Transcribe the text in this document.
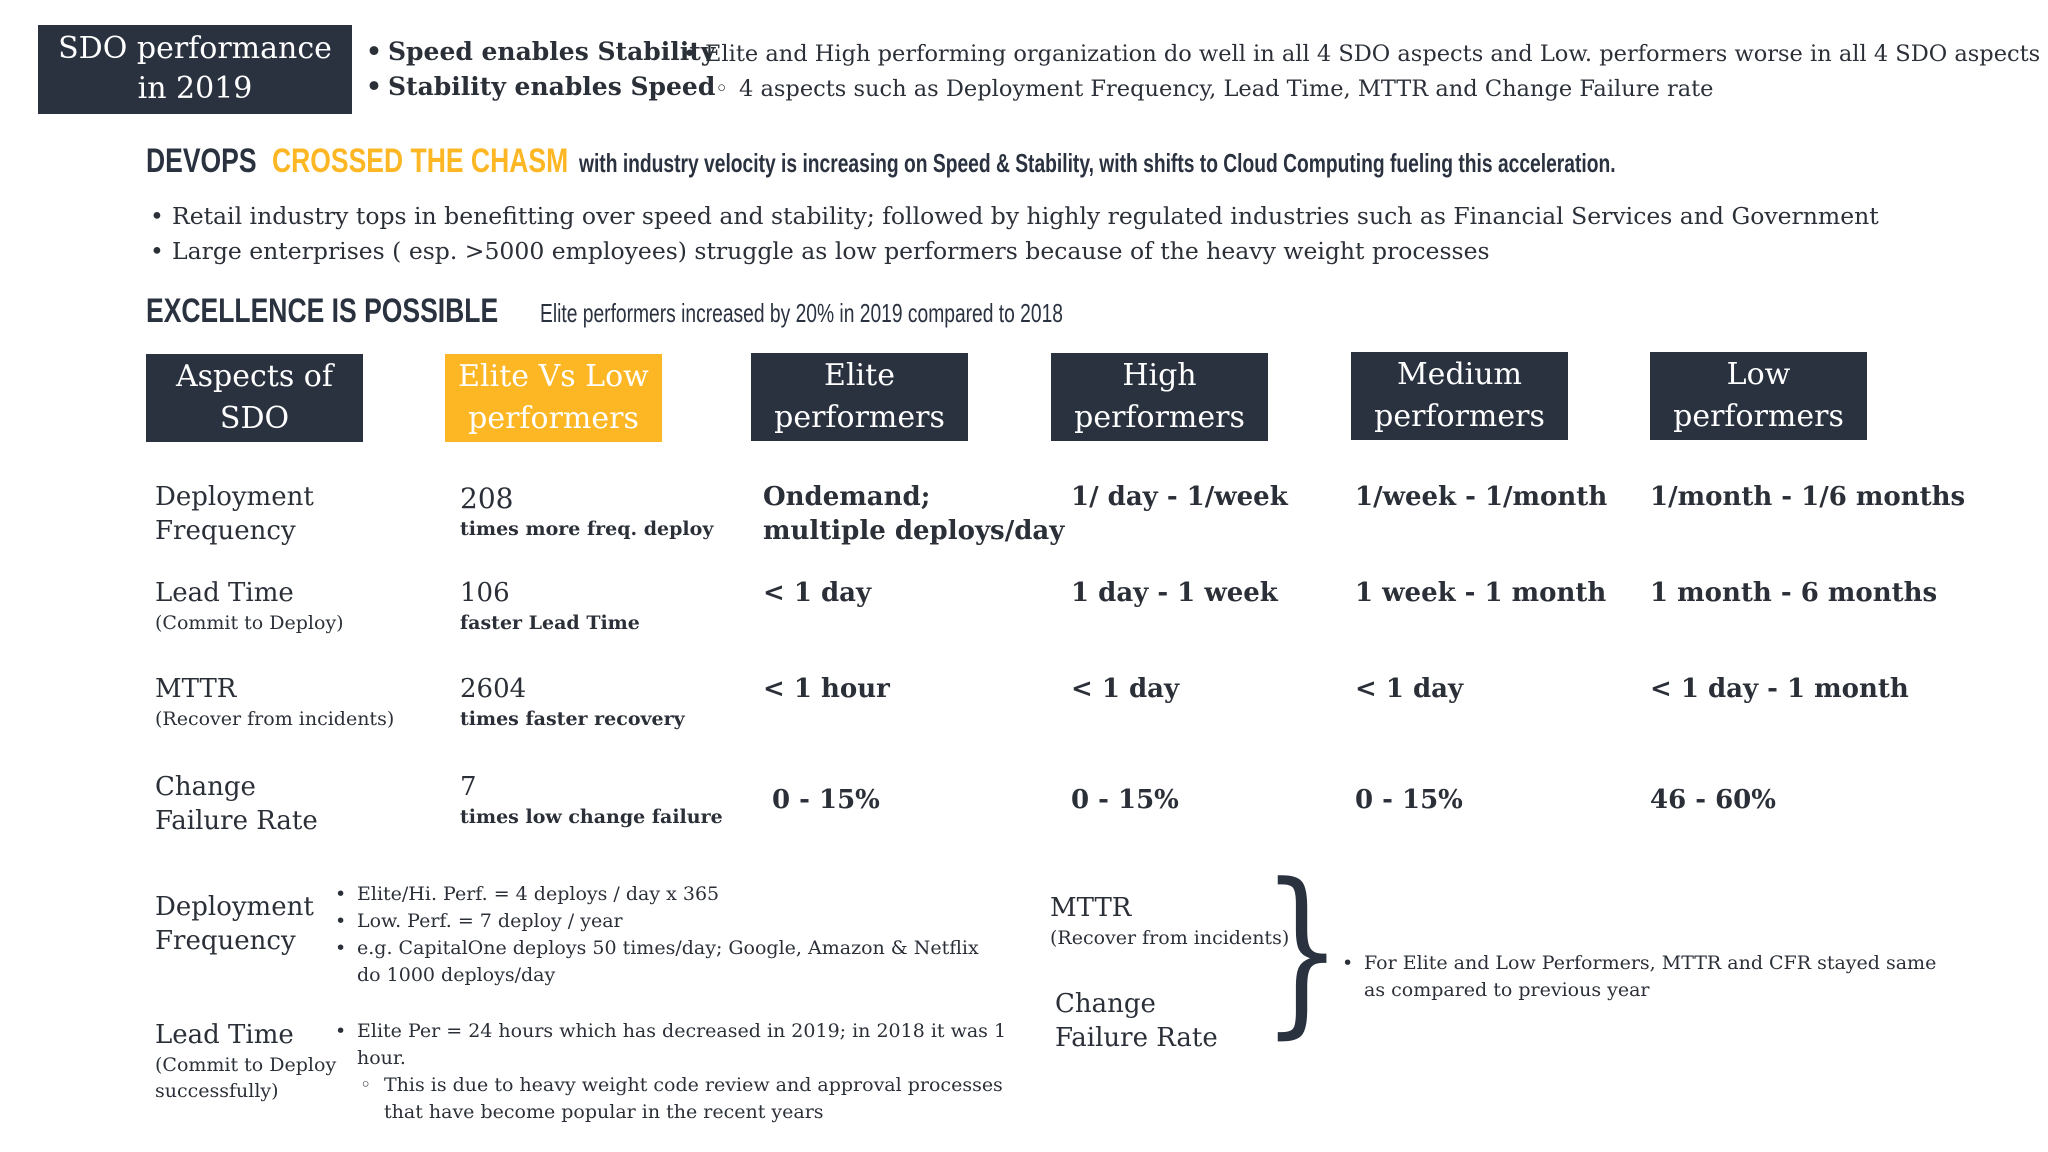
SDO performance
in 2019
• Speed enables Stability
• Stability enables Speed
• Elite and High performing organization do well in all 4 SDO aspects and Low. performers worse in all 4 SDO aspects
◦ 4 aspects such as Deployment Frequency, Lead Time, MTTR and Change Failure rate
DEVOPS CROSSED THE CHASM with industry velocity is increasing on Speed & Stability, with shifts to Cloud Computing fueling this acceleration.
• Retail industry tops in benefitting over speed and stability; followed by highly regulated industries such as Financial Services and Government
• Large enterprises ( esp. >5000 employees) struggle as low performers because of the heavy weight processes
EXCELLENCE IS POSSIBLE Elite performers increased by 20% in 2019 compared to 2018
Aspects of
SDO
Elite Vs Low
performers
Elite
performers
High
performers
Medium
performers
Low
performers
Deployment
Frequency
208
times more freq. deploy
Ondemand;
multiple deploys/day
1/ day - 1/week	1/week - 1/month 1/month - 1/6 months
Lead Time
(Commit to Deploy)
106
faster Lead Time
< 1 day	1 day - 1 week	1 week - 1 month 1 month - 6 months
MTTR
(Recover from incidents)
2604
times faster recovery
< 1 hour	< 1 day	< 1 day	< 1 day - 1 month
Change
Failure Rate
7
times low change failure
0 - 15%	0 - 15%	0 - 15%	46 - 60%
Deployment
Frequency
• Elite/Hi. Perf. = 4 deploys / day x 365
• Low. Perf. = 7 deploy / year
• e.g. CapitalOne deploys 50 times/day; Google, Amazon & Netflix do 1000 deploys/day
Lead Time
(Commit to Deploy
successfully)
• Elite Per = 24 hours which has decreased in 2019; in 2018 it was 1 hour.
◦ This is due to heavy weight code review and approval processes that have become popular in the recent years
MTTR
(Recover from incidents)
Change
Failure Rate }
• For Elite and Low Performers, MTTR and CFR stayed same as compared to previous year
